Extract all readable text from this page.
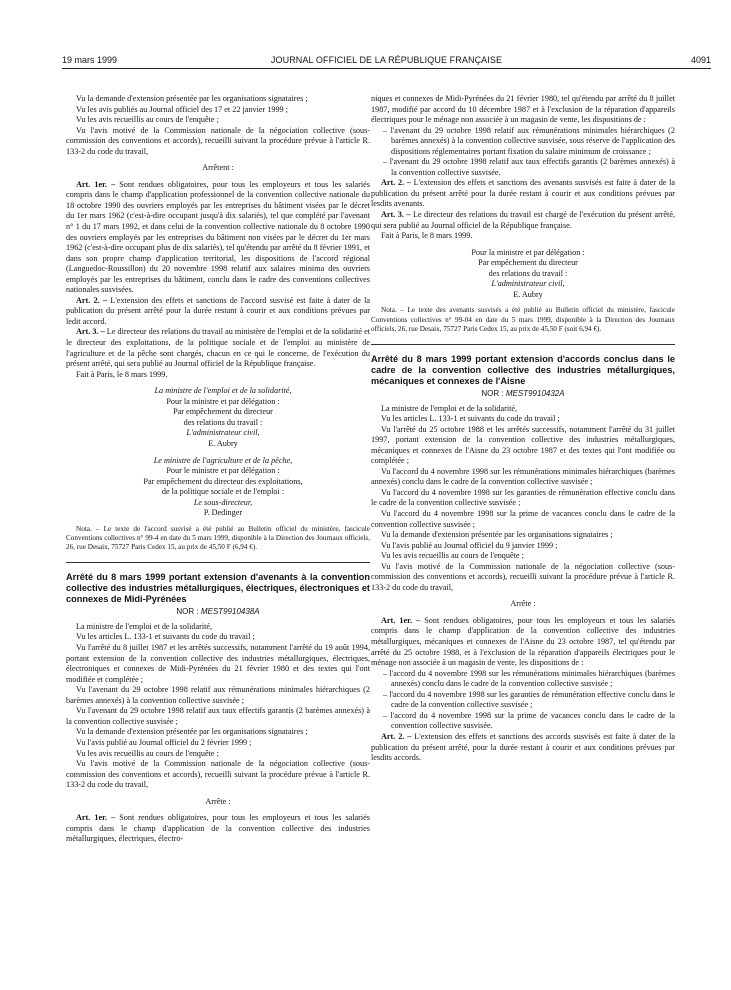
19 mars 1999	JOURNAL OFFICIEL DE LA RÉPUBLIQUE FRANÇAISE	4091

Vu la demande d'extension présentée par les organisations signataires ;

Vu les avis publiés au Journal officiel des 17 et 22 janvier 1999 ;

Vu les avis recueillis au cours de l'enquête ;

Vu l'avis motivé de la Commission nationale de la négociation collective (sous-commission des conventions et accords), recueilli suivant la procédure prévue à l'article R. 133-2 du code du travail,

Arrêtent :

Art. 1er. – Sont rendues obligatoires, pour tous les employeurs et tous les salariés compris dans le champ d'application professionnel de la convention collective nationale du 18 octobre 1990 des ouvriers employés par les entreprises du bâtiment visées par le décret du 1er mars 1962 (c'est-à-dire occupant jusqu'à dix salariés), tel que complété par l'avenant n° 1 du 17 mars 1992, et dans celui de la convention collective nationale du 8 octobre 1990 des ouvriers employés par les entreprises du bâtiment non visées par le décret du 1er mars 1962 (c'est-à-dire occupant plus de dix salariés), tel qu'étendu par arrêté du 8 février 1991, et dans son propre champ d'application territorial, les dispositions de l'accord régional (Languedoc-Roussillon) du 20 novembre 1998 relatif aux salaires minima des ouvriers employés par les entreprises du bâtiment, conclu dans le cadre des conventions collectives nationales susvisées.

Art. 2. – L'extension des effets et sanctions de l'accord susvisé est faite à dater de la publication du présent arrêté pour la durée restant à courir et aux conditions prévues par ledit accord.

Art. 3. – Le directeur des relations du travail au ministère de l'emploi et de la solidarité et le directeur des exploitations, de la politique sociale et de l'emploi au ministère de l'agriculture et de la pêche sont chargés, chacun en ce qui le concerne, de l'exécution du présent arrêté, qui sera publié au Journal officiel de la République française.

Fait à Paris, le 8 mars 1999.

La ministre de l'emploi et de la solidarité,

Pour la ministre et par délégation :

Par empêchement du directeur

des relations du travail :

L'administrateur civil,

E. Aubry

Le ministre de l'agriculture et de la pêche,

Pour le ministre et par délégation :

Par empêchement du directeur des exploitations,

de la politique sociale et de l'emploi :

Le sous-directeur,

P. Dedinger

Nota. – Le texte de l'accord susvisé a été publié au Bulletin officiel du ministère, fascicule Conventions collectives n° 99-4 en date du 5 mars 1999, disponible à la Direction des Journaux officiels, 26, rue Desaix, 75727 Paris Cedex 15, au prix de 45,50 F (6,94 €).

Arrêté du 8 mars 1999 portant extension d'avenants à la convention collective des industries métallurgiques, électriques, électroniques et connexes de Midi-Pyrénées

NOR : MEST9910438A

La ministre de l'emploi et de la solidarité,

Vu les articles L. 133-1 et suivants du code du travail ;

Vu l'arrêté du 8 juillet 1987 et les arrêtés successifs, notamment l'arrêté du 19 août 1994, portant extension de la convention collective des industries métallurgiques, électriques, électroniques et connexes de Midi-Pyrénées du 21 février 1980 et des textes qui l'ont modifiée et complétée ;

Vu l'avenant du 29 octobre 1998 relatif aux rémunérations minimales hiérarchiques (2 barèmes annexés) à la convention collective susvisée ;

Vu l'avenant du 29 octobre 1998 relatif aux taux effectifs garantis (2 barèmes annexés) à la convention collective susvisée ;

Vu la demande d'extension présentée par les organisations signataires ;

Vu l'avis publié au Journal officiel du 2 février 1999 ;

Vu les avis recueillis au cours de l'enquête ;

Vu l'avis motivé de la Commission nationale de la négociation collective (sous-commission des conventions et accords), recueilli suivant la procédure prévue à l'article R. 133-2 du code du travail,

Arrête :

Art. 1er. – Sont rendues obligatoires, pour tous les employeurs et tous les salariés compris dans le champ d'application de la convention collective des industries métallurgiques, électriques, électro-

niques et connexes de Midi-Pyrénées du 21 février 1980, tel qu'étendu par arrêté du 8 juillet 1987, modifié par accord du 10 décembre 1987 et à l'exclusion de la réparation d'appareils électriques pour le ménage non associée à un magasin de vente, les dispositions de :

– l'avenant du 29 octobre 1998 relatif aux rémunérations minimales hiérarchiques (2 barèmes annexés) à la convention collective susvisée, sous réserve de l'application des dispositions réglementaires portant fixation du salaire minimum de croissance ;

– l'avenant du 29 octobre 1998 relatif aux taux effectifs garantis (2 barèmes annexés) à la convention collective susvisée.

Art. 2. – L'extension des effets et sanctions des avenants susvisés est faite à dater de la publication du présent arrêté pour la durée restant à courir et aux conditions prévues par lesdits avenants.

Art. 3. – Le directeur des relations du travail est chargé de l'exécution du présent arrêté, qui sera publié au Journal officiel de la République française.

Fait à Paris, le 8 mars 1999.

Pour la ministre et par délégation :

Par empêchement du directeur

des relations du travail :

L'administrateur civil,

E. Aubry

Nota. – Le texte des avenants susvisés a été publié au Bulletin officiel du ministère, fascicule Conventions collectives n° 99-04 en date du 5 mars 1999, disponible à la Direction des Journaux officiels, 26, rue Desaix, 75727 Paris Cedex 15, au prix de 45,50 F (soit 6,94 €).

Arrêté du 8 mars 1999 portant extension d'accords conclus dans le cadre de la convention collective des industries métallurgiques, mécaniques et connexes de l'Aisne

NOR : MEST9910432A

La ministre de l'emploi et de la solidarité,

Vu les articles L. 133-1 et suivants du code du travail ;

Vu l'arrêté du 25 octobre 1988 et les arrêtés successifs, notamment l'arrêté du 31 juillet 1997, portant extension de la convention collective des industries métallurgiques, mécaniques et connexes de l'Aisne du 23 octobre 1987 et des textes qui l'ont modifiée ou complétée ;

Vu l'accord du 4 novembre 1998 sur les rémunérations minimales hiérarchiques (barèmes annexés) conclu dans le cadre de la convention collective susvisée ;

Vu l'accord du 4 novembre 1998 sur les garanties de rémunération effective conclu dans le cadre de la convention collective susvisée ;

Vu l'accord du 4 novembre 1998 sur la prime de vacances conclu dans le cadre de la convention collective susvisée ;

Vu la demande d'extension présentée par les organisations signataires ;

Vu l'avis publié au Journal officiel du 9 janvier 1999 ;

Vu les avis recueillis au cours de l'enquête ;

Vu l'avis motivé de la Commission nationale de la négociation collective (sous-commission des conventions et accords), recueilli suivant la procédure prévue à l'article R. 133-2 du code du travail,

Arrête :

Art. 1er. – Sont rendues obligatoires, pour tous les employeurs et tous les salariés compris dans le champ d'application de la convention collective des industries métallurgiques, mécaniques et connexes de l'Aisne du 23 octobre 1987, tel qu'étendu par arrêté du 25 octobre 1988, et à l'exclusion de la réparation d'appareils électriques pour le ménage non associée à un magasin de vente, les dispositions de :

– l'accord du 4 novembre 1998 sur les rémunérations minimales hiérarchiques (barèmes annexés) conclu dans le cadre de la convention collective susvisée ;

– l'accord du 4 novembre 1998 sur les garanties de rémunération effective conclu dans le cadre de la convention collective susvisée ;

– l'accord du 4 novembre 1998 sur la prime de vacances conclu dans le cadre de la convention collective susvisée.

Art. 2. – L'extension des effets et sanctions des accords susvisés est faite à dater de la publication du présent arrêté, pour la durée restant à courir et aux conditions prévues par lesdits accords.
